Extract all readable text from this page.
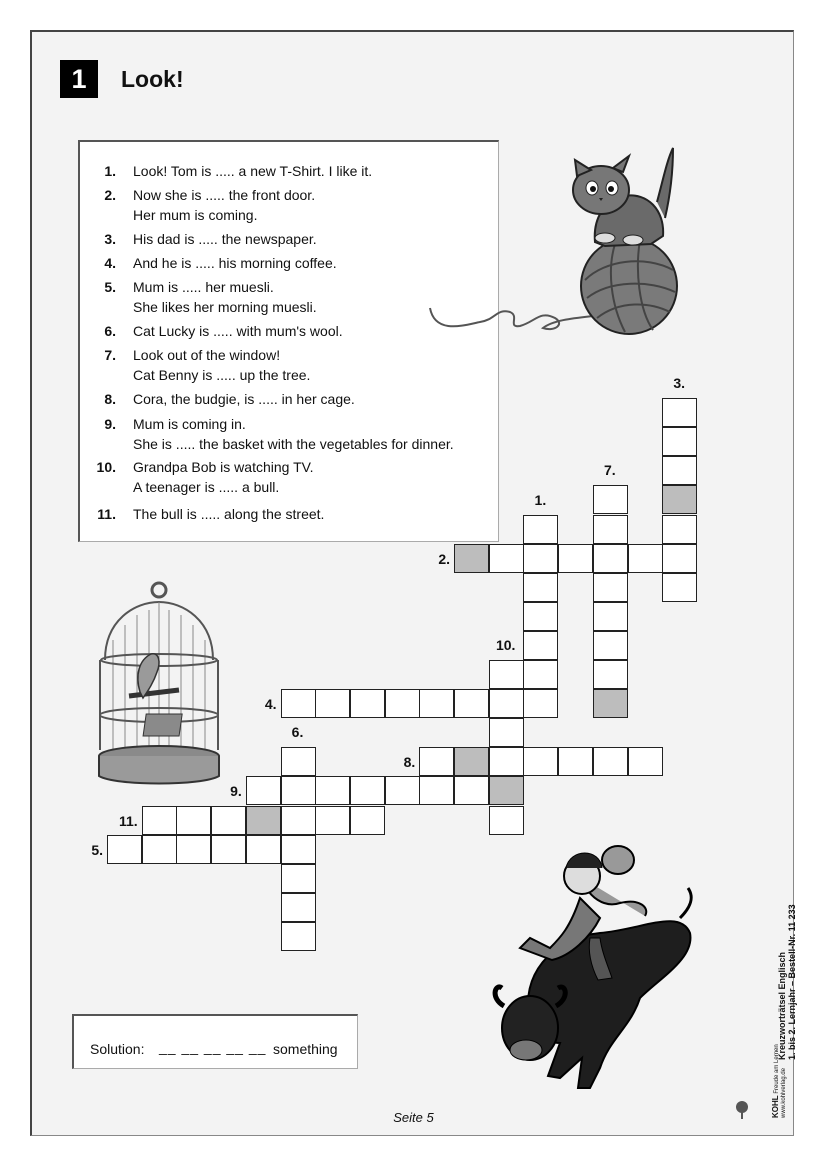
1	Look!
1. Look! Tom is ..... a new T-Shirt. I like it.
2. Now she is ..... the front door.
Her mum is coming.
3. His dad is ..... the newspaper.
4. And he is ..... his morning coffee.
5. Mum is ..... her muesli.
She likes her morning muesli.
6. Cat Lucky is ..... with mum's wool.
7. Look out of the window!
Cat Benny is ..... up the tree.
8. Cora, the budgie, is ..... in her cage.
9. Mum is coming in.
She is ..... the basket with the vegetables for dinner.
10. Grandpa Bob is watching TV.
A teenager is ..... a bull.
11. The bull is ..... along the street.
1.
2.
3.
4.
5.
6.
7.
8.
9.
10.
11.
Solution: __ __ __ __ __ something	Kreuzworträtsel Englisch 1. bis 2. Lernjahr – Bestell-Nr. 11 233
KOHL Freude am Lernen www.kohlverlag.de
Seite 5
